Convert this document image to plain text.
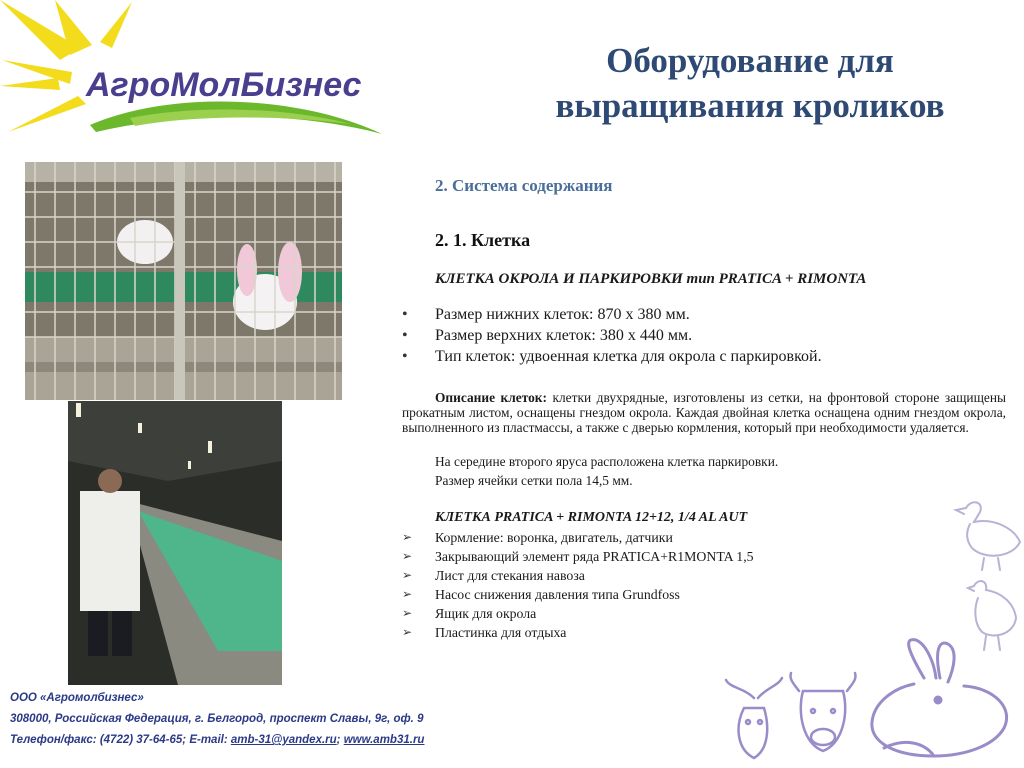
АгроМолБизнес
Оборудование для
выращивания кроликов
2. Система содержания
2. 1. Клетка
КЛЕТКА ОКРОЛА И ПАРКИРОВКИ тип PRATICA + RIMONTA
• Размер нижних клеток: 870 х 380 мм.
• Размер верхних клеток: 380 х 440 мм.
• Тип клеток: удвоенная клетка для окрола с паркировкой.

Описание клеток: клетки двухрядные, изготовлены из сетки, на фронтовой стороне защищены прокатным листом, оснащены гнездом окрола. Каждая двойная клетка оснащена одним гнездом окрола, выполненного из пластмассы, а также с дверью кормления, который при необходимости удаляется.

На середине второго яруса расположена клетка паркировки.
Размер ячейки сетки пола 14,5 мм.
КЛЕТКА PRATICA + RIMONTA 12+12, 1/4 AL AUT
➢ Кормление: воронка, двигатель, датчики
➢ Закрывающий элемент ряда PRATICA+R1MONTA 1,5
➢ Лист для стекания навоза
➢ Насос снижения давления типа Grundfoss
➢ Ящик для окрола
➢ Пластинка для отдыха
ООО «Агромолбизнес»
308000, Российская Федерация, г. Белгород, проспект Славы, 9г, оф. 9
Телефон/факс: (4722) 37-64-65; E-mail: amb-31@yandex.ru; www.amb31.ru
